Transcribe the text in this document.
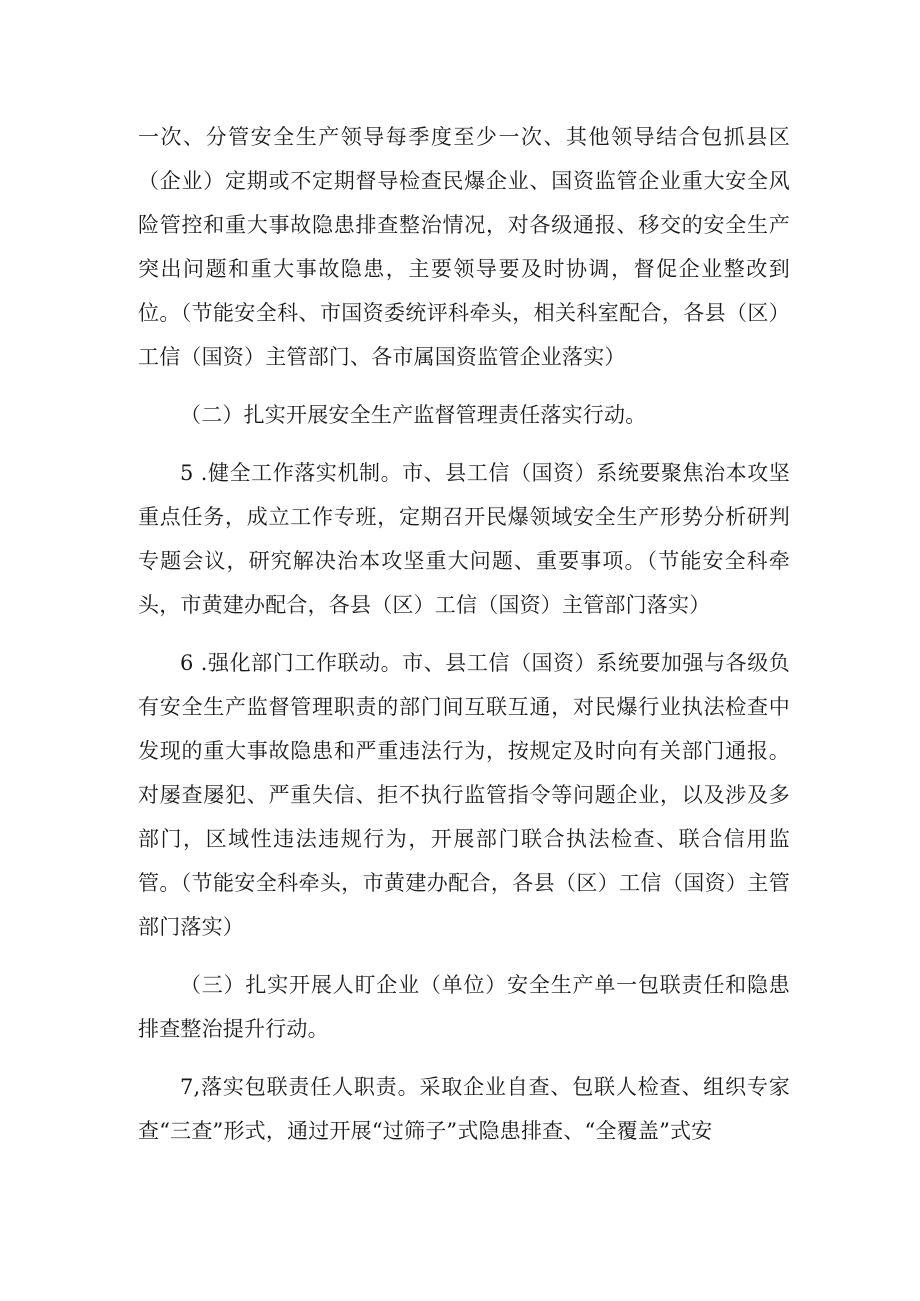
一次、分管安全生产领导每季度至少一次、其他领导结合包抓县区（企业）定期或不定期督导检查民爆企业、国资监管企业重大安全风险管控和重大事故隐患排查整治情况，对各级通报、移交的安全生产突出问题和重大事故隐患，主要领导要及时协调，督促企业整改到位。（节能安全科、市国资委统评科牵头，相关科室配合，各县（区）工信（国资）主管部门、各市属国资监管企业落实）

（二）扎实开展安全生产监督管理责任落实行动。

5 .健全工作落实机制。市、县工信（国资）系统要聚焦治本攻坚重点任务，成立工作专班，定期召开民爆领域安全生产形势分析研判专题会议，研究解决治本攻坚重大问题、重要事项。（节能安全科牵头，市黄建办配合，各县（区）工信（国资）主管部门落实）

6 .强化部门工作联动。市、县工信（国资）系统要加强与各级负有安全生产监督管理职责的部门间互联互通，对民爆行业执法检查中发现的重大事故隐患和严重违法行为，按规定及时向有关部门通报。对屡查屡犯、严重失信、拒不执行监管指令等问题企业，以及涉及多部门，区域性违法违规行为，开展部门联合执法检查、联合信用监管。（节能安全科牵头，市黄建办配合，各县（区）工信（国资）主管部门落实）

（三）扎实开展人盯企业（单位）安全生产单一包联责任和隐患排查整治提升行动。

7,落实包联责任人职责。采取企业自查、包联人检查、组织专家查“三查”形式，通过开展“过筛子”式隐患排查、“全覆盖”式安
